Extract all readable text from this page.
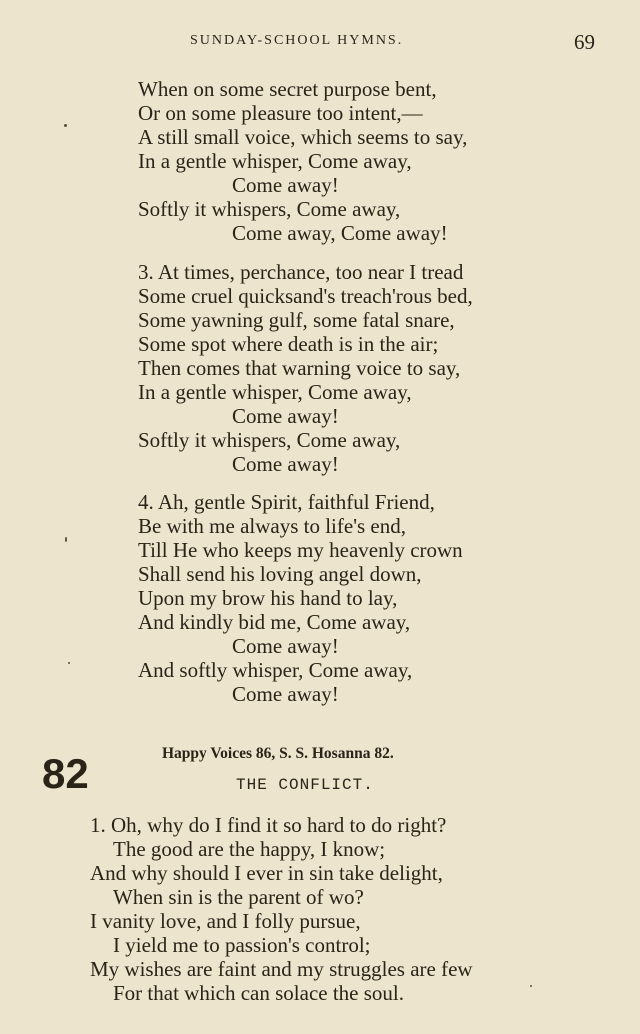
SUNDAY-SCHOOL HYMNS.	69
When on some secret purpose bent,
Or on some pleasure too intent,—
A still small voice, which seems to say,
In a gentle whisper, Come away,
Come away!
Softly it whispers, Come away,
Come away, Come away!
3. At times, perchance, too near I tread
Some cruel quicksand's treach'rous bed,
Some yawning gulf, some fatal snare,
Some spot where death is in the air;
Then comes that warning voice to say,
In a gentle whisper, Come away,
Come away!
Softly it whispers, Come away,
Come away!
4. Ah, gentle Spirit, faithful Friend,
Be with me always to life's end,
Till He who keeps my heavenly crown
Shall send his loving angel down,
Upon my brow his hand to lay,
And kindly bid me, Come away,
Come away!
And softly whisper, Come away,
Come away!
82	Happy Voices 86, S. S. Hosanna 82.
THE CONFLICT.
1. Oh, why do I find it so hard to do right?
The good are the happy, I know;
And why should I ever in sin take delight,
When sin is the parent of wo?
I vanity love, and I folly pursue,
I yield me to passion's control;
My wishes are faint and my struggles are few
For that which can solace the soul.
